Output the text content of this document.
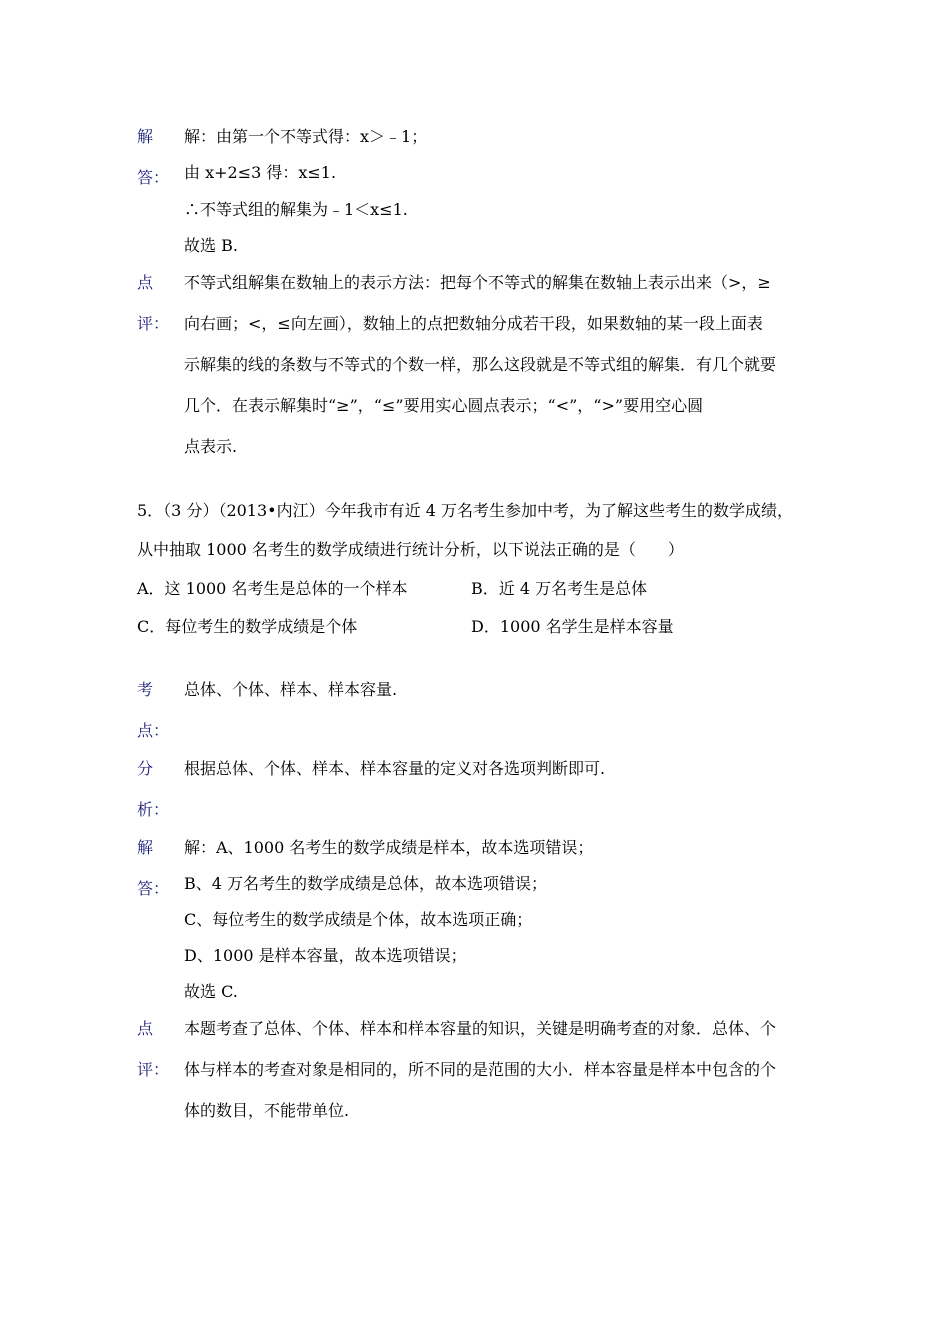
解
答：
解：由第一个不等式得：x＞﹣1；
由 x+2≤3 得：x≤1.
∴不等式组的解集为﹣1＜x≤1.
故选 B.
点
评：
不等式组解集在数轴上的表示方法：把每个不等式的解集在数轴上表示出来（>，≥
向右画；<，≤向左画），数轴上的点把数轴分成若干段，如果数轴的某一段上面表
示解集的线的条数与不等式的个数一样，那么这段就是不等式组的解集．有几个就要
几个．在表示解集时“≥”，“≤”要用实心圆点表示；“<”，“>”要用空心圆
点表示.
5．（3 分）（2013•内江）今年我市有近 4 万名考生参加中考，为了解这些考生的数学成绩，
从中抽取 1000 名考生的数学成绩进行统计分析，以下说法正确的是（　　）
A．这 1000 名考生是总体的一个样本	B．近 4 万名考生是总体
C．每位考生的数学成绩是个体	D．1000 名学生是样本容量
考
点：
总体、个体、样本、样本容量.
分
析：
根据总体、个体、样本、样本容量的定义对各选项判断即可.
解
答：
解：A、1000 名考生的数学成绩是样本，故本选项错误；
B、4 万名考生的数学成绩是总体，故本选项错误；
C、每位考生的数学成绩是个体，故本选项正确；
D、1000 是样本容量，故本选项错误；
故选 C.
点
评：
本题考查了总体、个体、样本和样本容量的知识，关键是明确考查的对象．总体、个
体与样本的考查对象是相同的，所不同的是范围的大小．样本容量是样本中包含的个
体的数目，不能带单位.
